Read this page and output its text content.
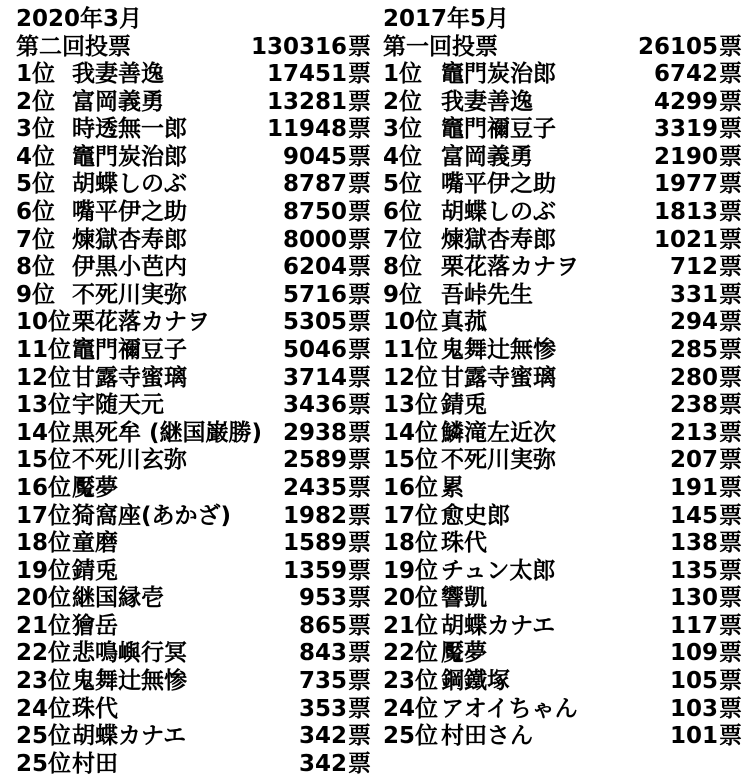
2020年3月
第二回投票	130316 票
1位 我妻善逸	17451 票
2位 富岡義勇	13281 票
3位 時透無一郎	11948 票
4位 竈門炭治郎	9045 票
5位 胡蝶しのぶ	8787 票
6位 嘴平伊之助	8750 票
7位 煉獄杏寿郎	8000 票
8位 伊黒小芭内	6204 票
9位 不死川実弥	5716 票
10位 栗花落カナヲ	5305 票
11位 竈門禰豆子	5046 票
12位 甘露寺蜜璃	3714 票
13位 宇随天元	3436 票
14位 黒死牟 (継国巌勝) 2938 票
15位 不死川玄弥	2589 票
16位 魘夢	2435 票
17位 猗窩座(あかざ) 1982 票
18位 童磨	1589 票
19位 錆兎	1359 票
20位 継国縁壱	953 票
21位 獪岳	865 票
22位 悲鳴嶼行冥	843 票
23位 鬼舞辻無惨	735 票
24位 珠代	353 票
25位 胡蝶カナエ	342 票
25位 村田	342 票
2017年5月
第一回投票	26105 票
1位 竈門炭治郎	6742 票
2位 我妻善逸	4299 票
3位 竈門禰豆子	3319 票
4位 富岡義勇	2190 票
5位 嘴平伊之助	1977 票
6位 胡蝶しのぶ	1813 票
7位 煉獄杏寿郎	1021 票
8位 栗花落カナヲ	712 票
9位 吾峠先生	331 票
10位 真菰	294 票
11位 鬼舞辻無惨	285 票
12位 甘露寺蜜璃	280 票
13位 錆兎	238 票
14位 鱗滝左近次	213 票
15位 不死川実弥	207 票
16位 累	191 票
17位 愈史郎	145 票
18位 珠代	138 票
19位 チュン太郎	135 票
20位 響凱	130 票
21位 胡蝶カナエ	117 票
22位 魘夢	109 票
23位 鋼鐵塚	105 票
24位 アオイちゃん	103 票
25位 村田さん	101 票
